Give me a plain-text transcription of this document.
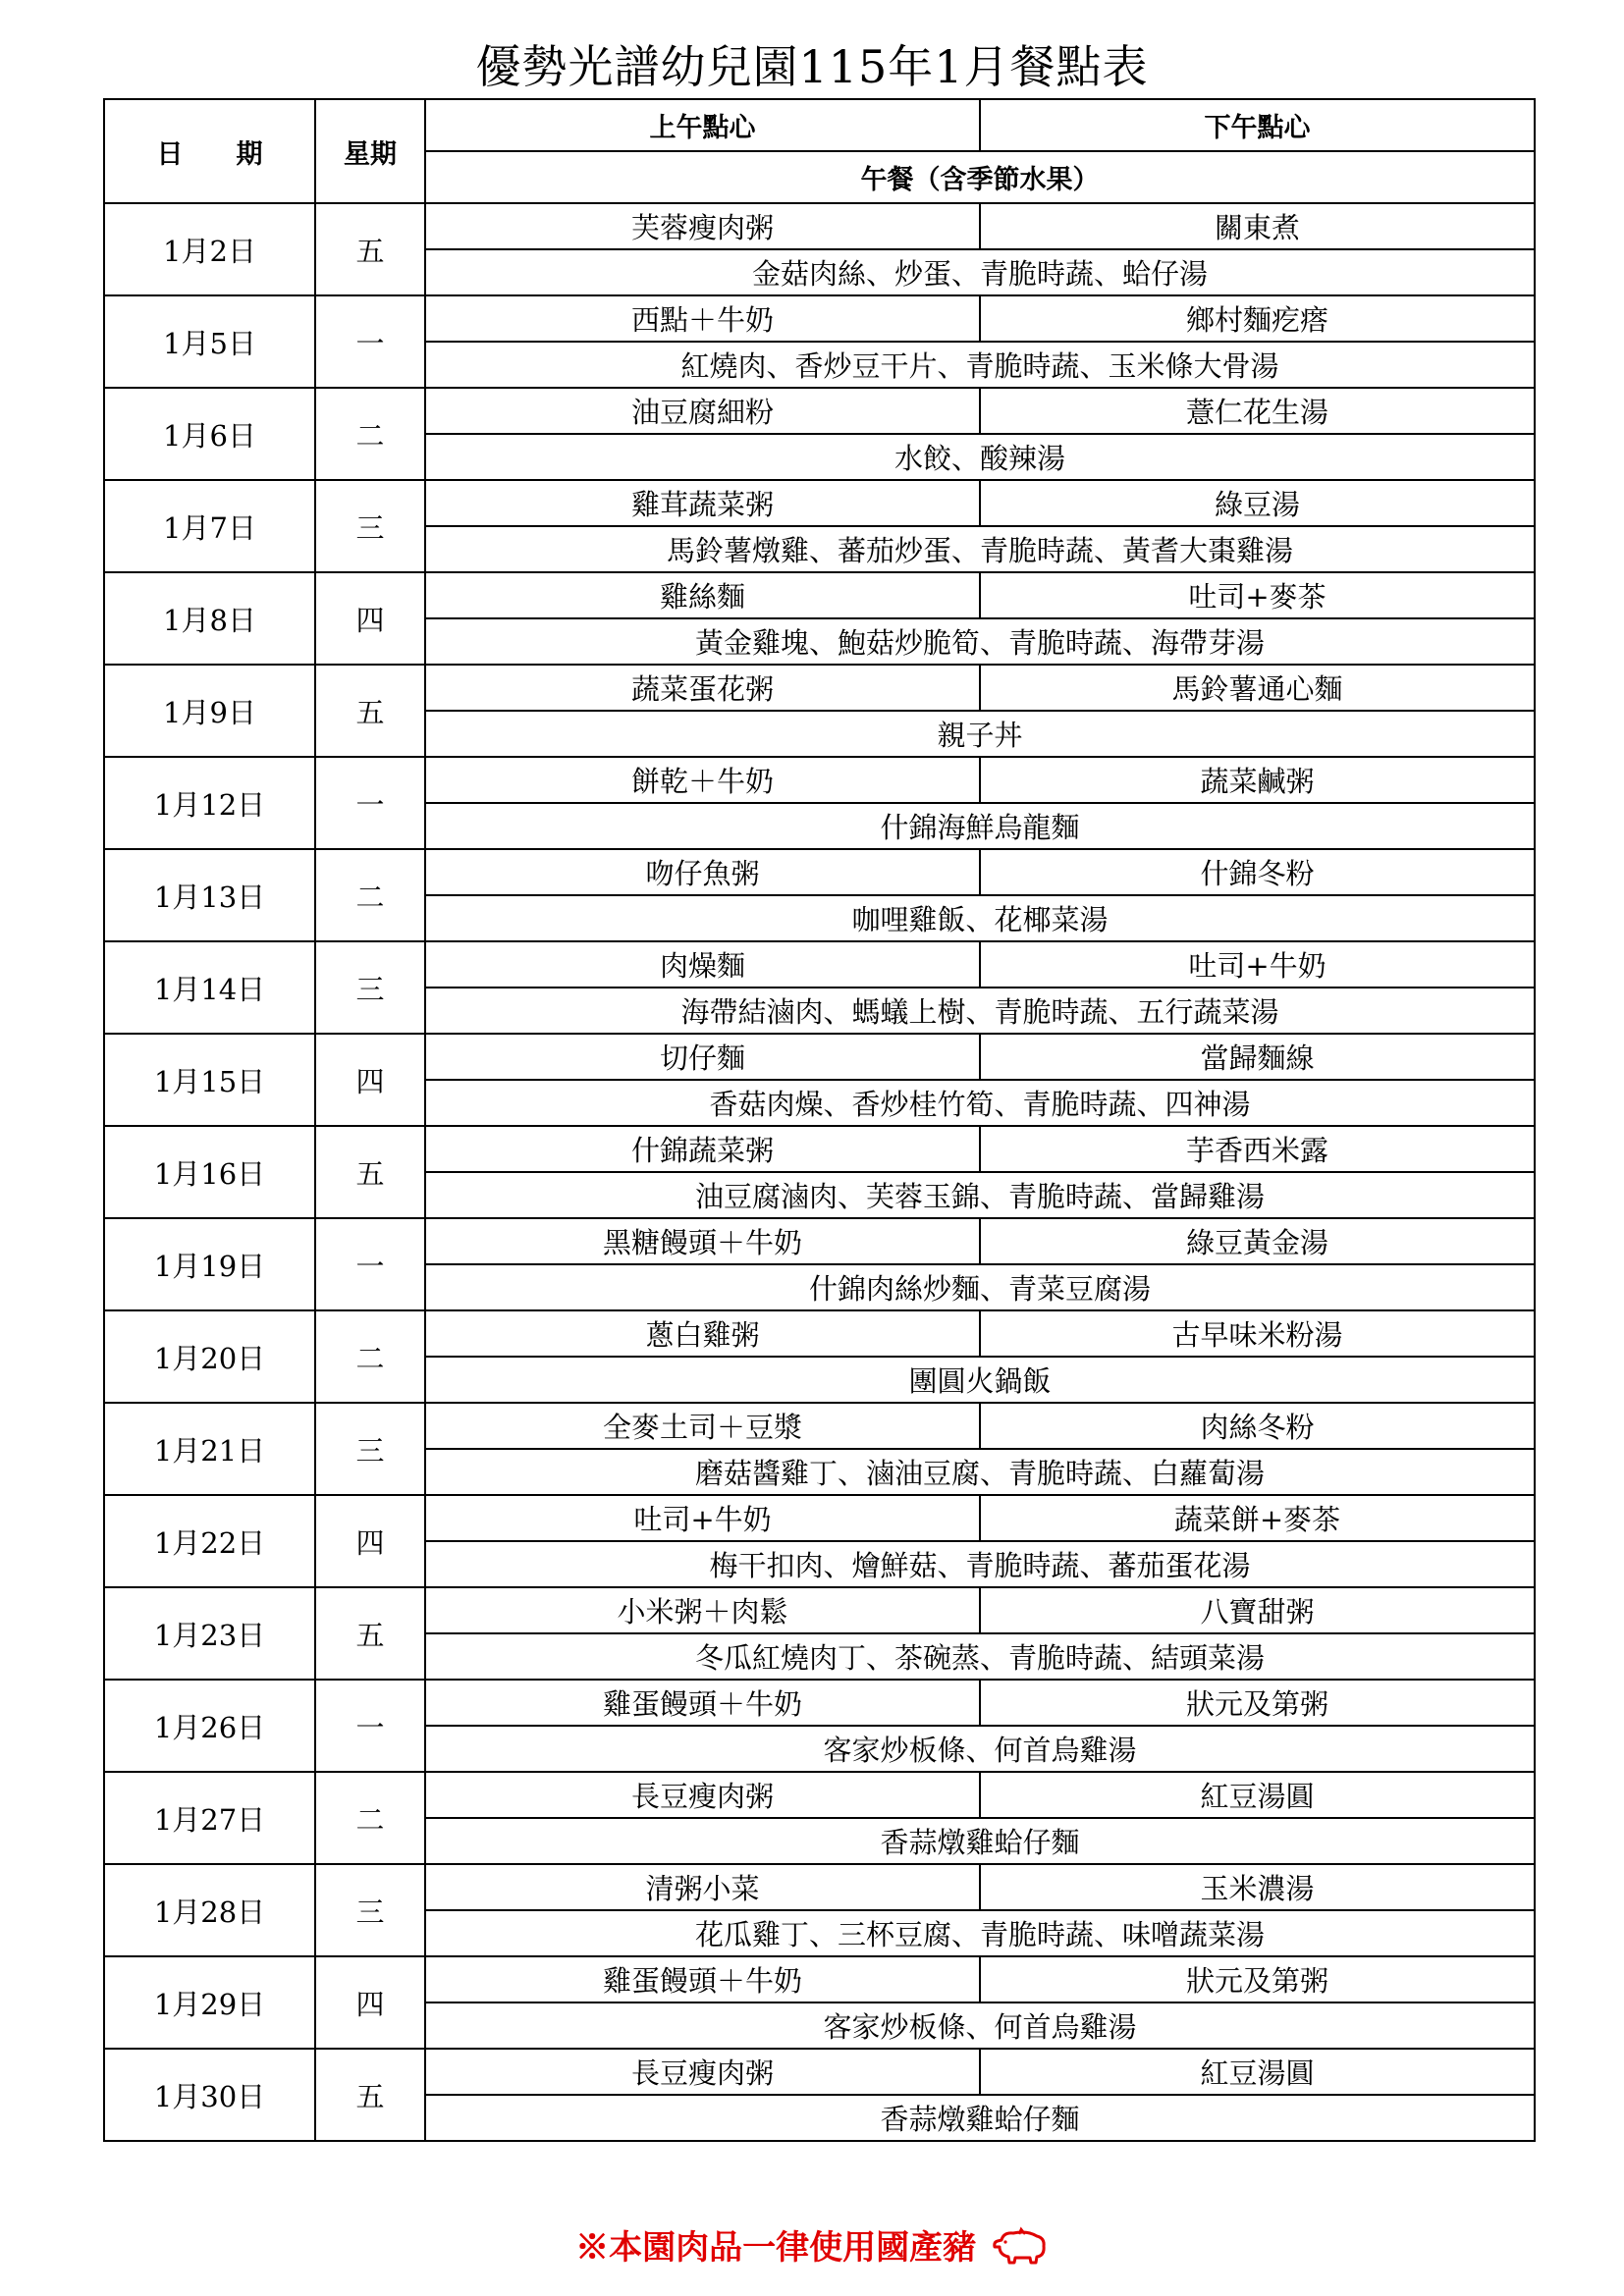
優勢光譜幼兒園115年1月餐點表
日　　期	星期	上午點心	下午點心
		午餐（含季節水果）	
1月2日	五	芙蓉瘦肉粥	關東煮
		金菇肉絲、炒蛋、青脆時蔬、蛤仔湯	
1月5日	一	西點＋牛奶	鄉村麵疙瘩
		紅燒肉、香炒豆干片、青脆時蔬、玉米條大骨湯	
1月6日	二	油豆腐細粉	薏仁花生湯
		水餃、酸辣湯	
1月7日	三	雞茸蔬菜粥	綠豆湯
		馬鈴薯燉雞、蕃茄炒蛋、青脆時蔬、黃耆大棗雞湯	
1月8日	四	雞絲麵	吐司+麥茶
		黃金雞塊、鮑菇炒脆筍、青脆時蔬、海帶芽湯	
1月9日	五	蔬菜蛋花粥	馬鈴薯通心麵
		親子丼	
1月12日	一	餅乾＋牛奶	蔬菜鹹粥
		什錦海鮮烏龍麵	
1月13日	二	吻仔魚粥	什錦冬粉
		咖哩雞飯、花椰菜湯	
1月14日	三	肉燥麵	吐司+牛奶
		海帶結滷肉、螞蟻上樹、青脆時蔬、五行蔬菜湯	
1月15日	四	切仔麵	當歸麵線
		香菇肉燥、香炒桂竹筍、青脆時蔬、四神湯	
1月16日	五	什錦蔬菜粥	芋香西米露
		油豆腐滷肉、芙蓉玉錦、青脆時蔬、當歸雞湯	
1月19日	一	黑糖饅頭＋牛奶	綠豆黃金湯
		什錦肉絲炒麵、青菜豆腐湯	
1月20日	二	蔥白雞粥	古早味米粉湯
		團圓火鍋飯	
1月21日	三	全麥土司＋豆漿	肉絲冬粉
		磨菇醬雞丁、滷油豆腐、青脆時蔬、白蘿蔔湯	
1月22日	四	吐司+牛奶	蔬菜餅+麥茶
		梅干扣肉、燴鮮菇、青脆時蔬、蕃茄蛋花湯	
1月23日	五	小米粥＋肉鬆	八寶甜粥
		冬瓜紅燒肉丁、茶碗蒸、青脆時蔬、結頭菜湯	
1月26日	一	雞蛋饅頭＋牛奶	狀元及第粥
		客家炒板條、何首烏雞湯	
1月27日	二	長豆瘦肉粥	紅豆湯圓
		香蒜燉雞蛤仔麵	
1月28日	三	清粥小菜	玉米濃湯
		花瓜雞丁、三杯豆腐、青脆時蔬、味噌蔬菜湯	
1月29日	四	雞蛋饅頭＋牛奶	狀元及第粥
		客家炒板條、何首烏雞湯	
1月30日	五	長豆瘦肉粥	紅豆湯圓
		香蒜燉雞蛤仔麵	
※本園肉品一律使用國產豬
